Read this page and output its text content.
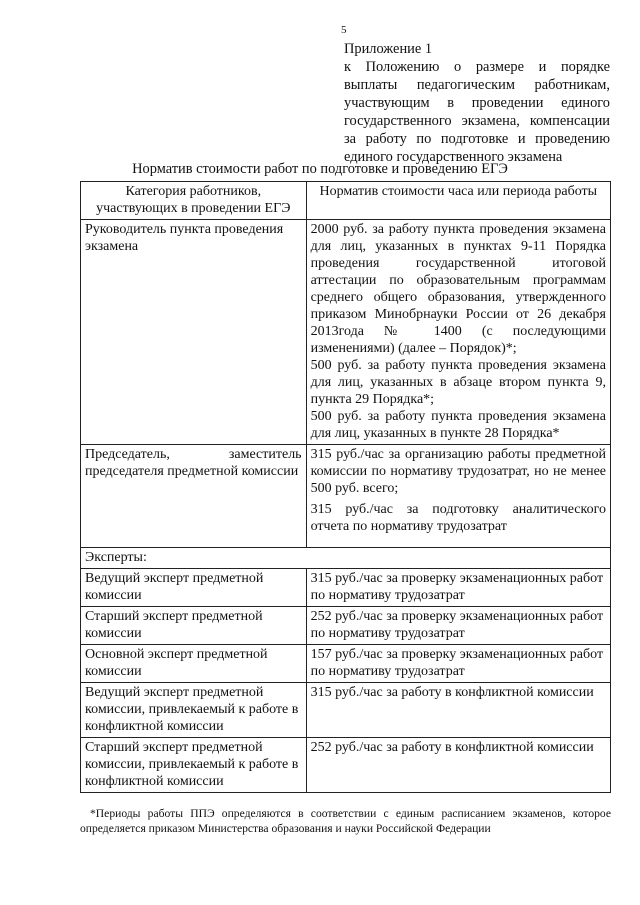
5
Приложение 1
к Положению о размере и порядке выплаты педагогическим работникам, участвующим в проведении единого государственного экзамена, компенсации за работу по подготовке и проведению единого государственного экзамена
Норматив стоимости работ по подготовке и проведению ЕГЭ
Категория работников, участвующих в проведении ЕГЭ	Норматив стоимости часа или периода работы
Руководитель пункта проведения экзамена	2000 руб. за работу пункта проведения экзамена для лиц, указанных в пунктах 9-11 Порядка проведения государственной итоговой аттестации по образовательным программам среднего общего образования, утвержденного приказом Минобрнауки России от 26 декабря 2013года № 1400 (с последующими изменениями) (далее – Порядок)*;
500 руб. за работу пункта проведения экзамена для лиц, указанных в абзаце втором пункта 9, пункта 29 Порядка*;
500 руб. за работу пункта проведения экзамена для лиц, указанных в пункте 28 Порядка*

Председатель, заместитель председателя предметной комиссии	315 руб./час за организацию работы предметной комиссии по нормативу трудозатрат, но не менее 500 руб. всего;
315 руб./час за подготовку аналитического отчета по нормативу трудозатрат

Эксперты:	
Ведущий эксперт предметной комиссии	315 руб./час за проверку экзаменационных работ по нормативу трудозатрат
Старший эксперт предметной комиссии	252 руб./час за проверку экзаменационных работ по нормативу трудозатрат
Основной эксперт предметной комиссии	157 руб./час за проверку экзаменационных работ по нормативу трудозатрат
Ведущий эксперт предметной комиссии, привлекаемый к работе в конфликтной комиссии	315 руб./час за работу в конфликтной комиссии
Старший эксперт предметной комиссии, привлекаемый к работе в конфликтной комиссии	252 руб./час за работу в конфликтной комиссии
*Периоды работы ППЭ определяются в соответствии с единым расписанием экзаменов, которое определяется приказом Министерства образования и науки Российской Федерации
